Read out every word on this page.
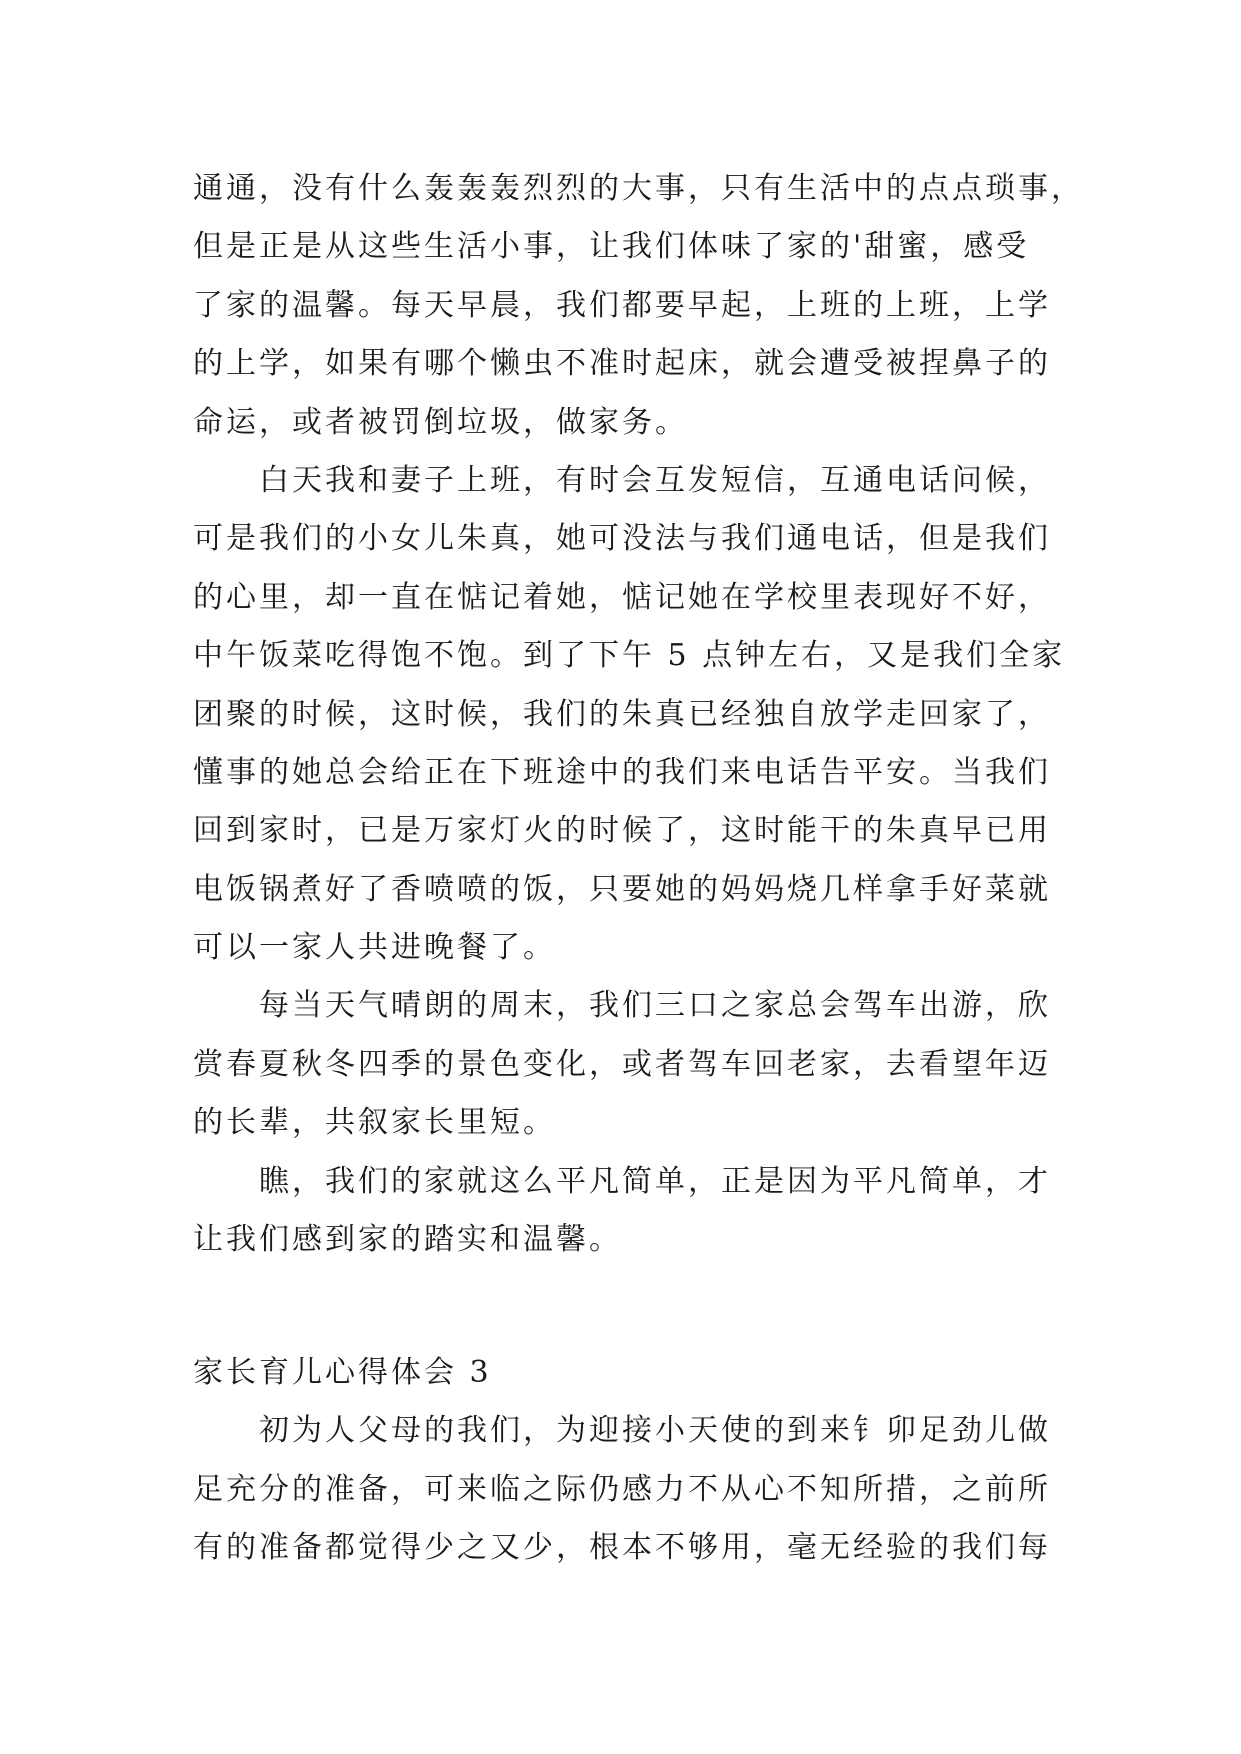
通通，没有什么轰轰轰烈烈的大事，只有生活中的点点琐事，
但是正是从这些生活小事，让我们体味了家的'甜蜜，感受
了家的温馨。每天早晨，我们都要早起，上班的上班，上学
的上学，如果有哪个懒虫不准时起床，就会遭受被捏鼻子的
命运，或者被罚倒垃圾，做家务。
白天我和妻子上班，有时会互发短信，互通电话问候，
可是我们的小女儿朱真，她可没法与我们通电话，但是我们
的心里，却一直在惦记着她，惦记她在学校里表现好不好，
中午饭菜吃得饱不饱。到了下午 5 点钟左右，又是我们全家
团聚的时候，这时候，我们的朱真已经独自放学走回家了，
懂事的她总会给正在下班途中的我们来电话告平安。当我们
回到家时，已是万家灯火的时候了，这时能干的朱真早已用
电饭锅煮好了香喷喷的饭，只要她的妈妈烧几样拿手好菜就
可以一家人共进晚餐了。
每当天气晴朗的周末，我们三口之家总会驾车出游，欣
赏春夏秋冬四季的景色变化，或者驾车回老家，去看望年迈
的长辈，共叙家长里短。
瞧，我们的家就这么平凡简单，正是因为平凡简单，才
让我们感到家的踏实和温馨。
家长育儿心得体会 3
初为人父母的我们，为迎接小天使的到来钅卯足劲儿做
足充分的准备，可来临之际仍感力不从心不知所措，之前所
有的准备都觉得少之又少，根本不够用，毫无经验的我们每
